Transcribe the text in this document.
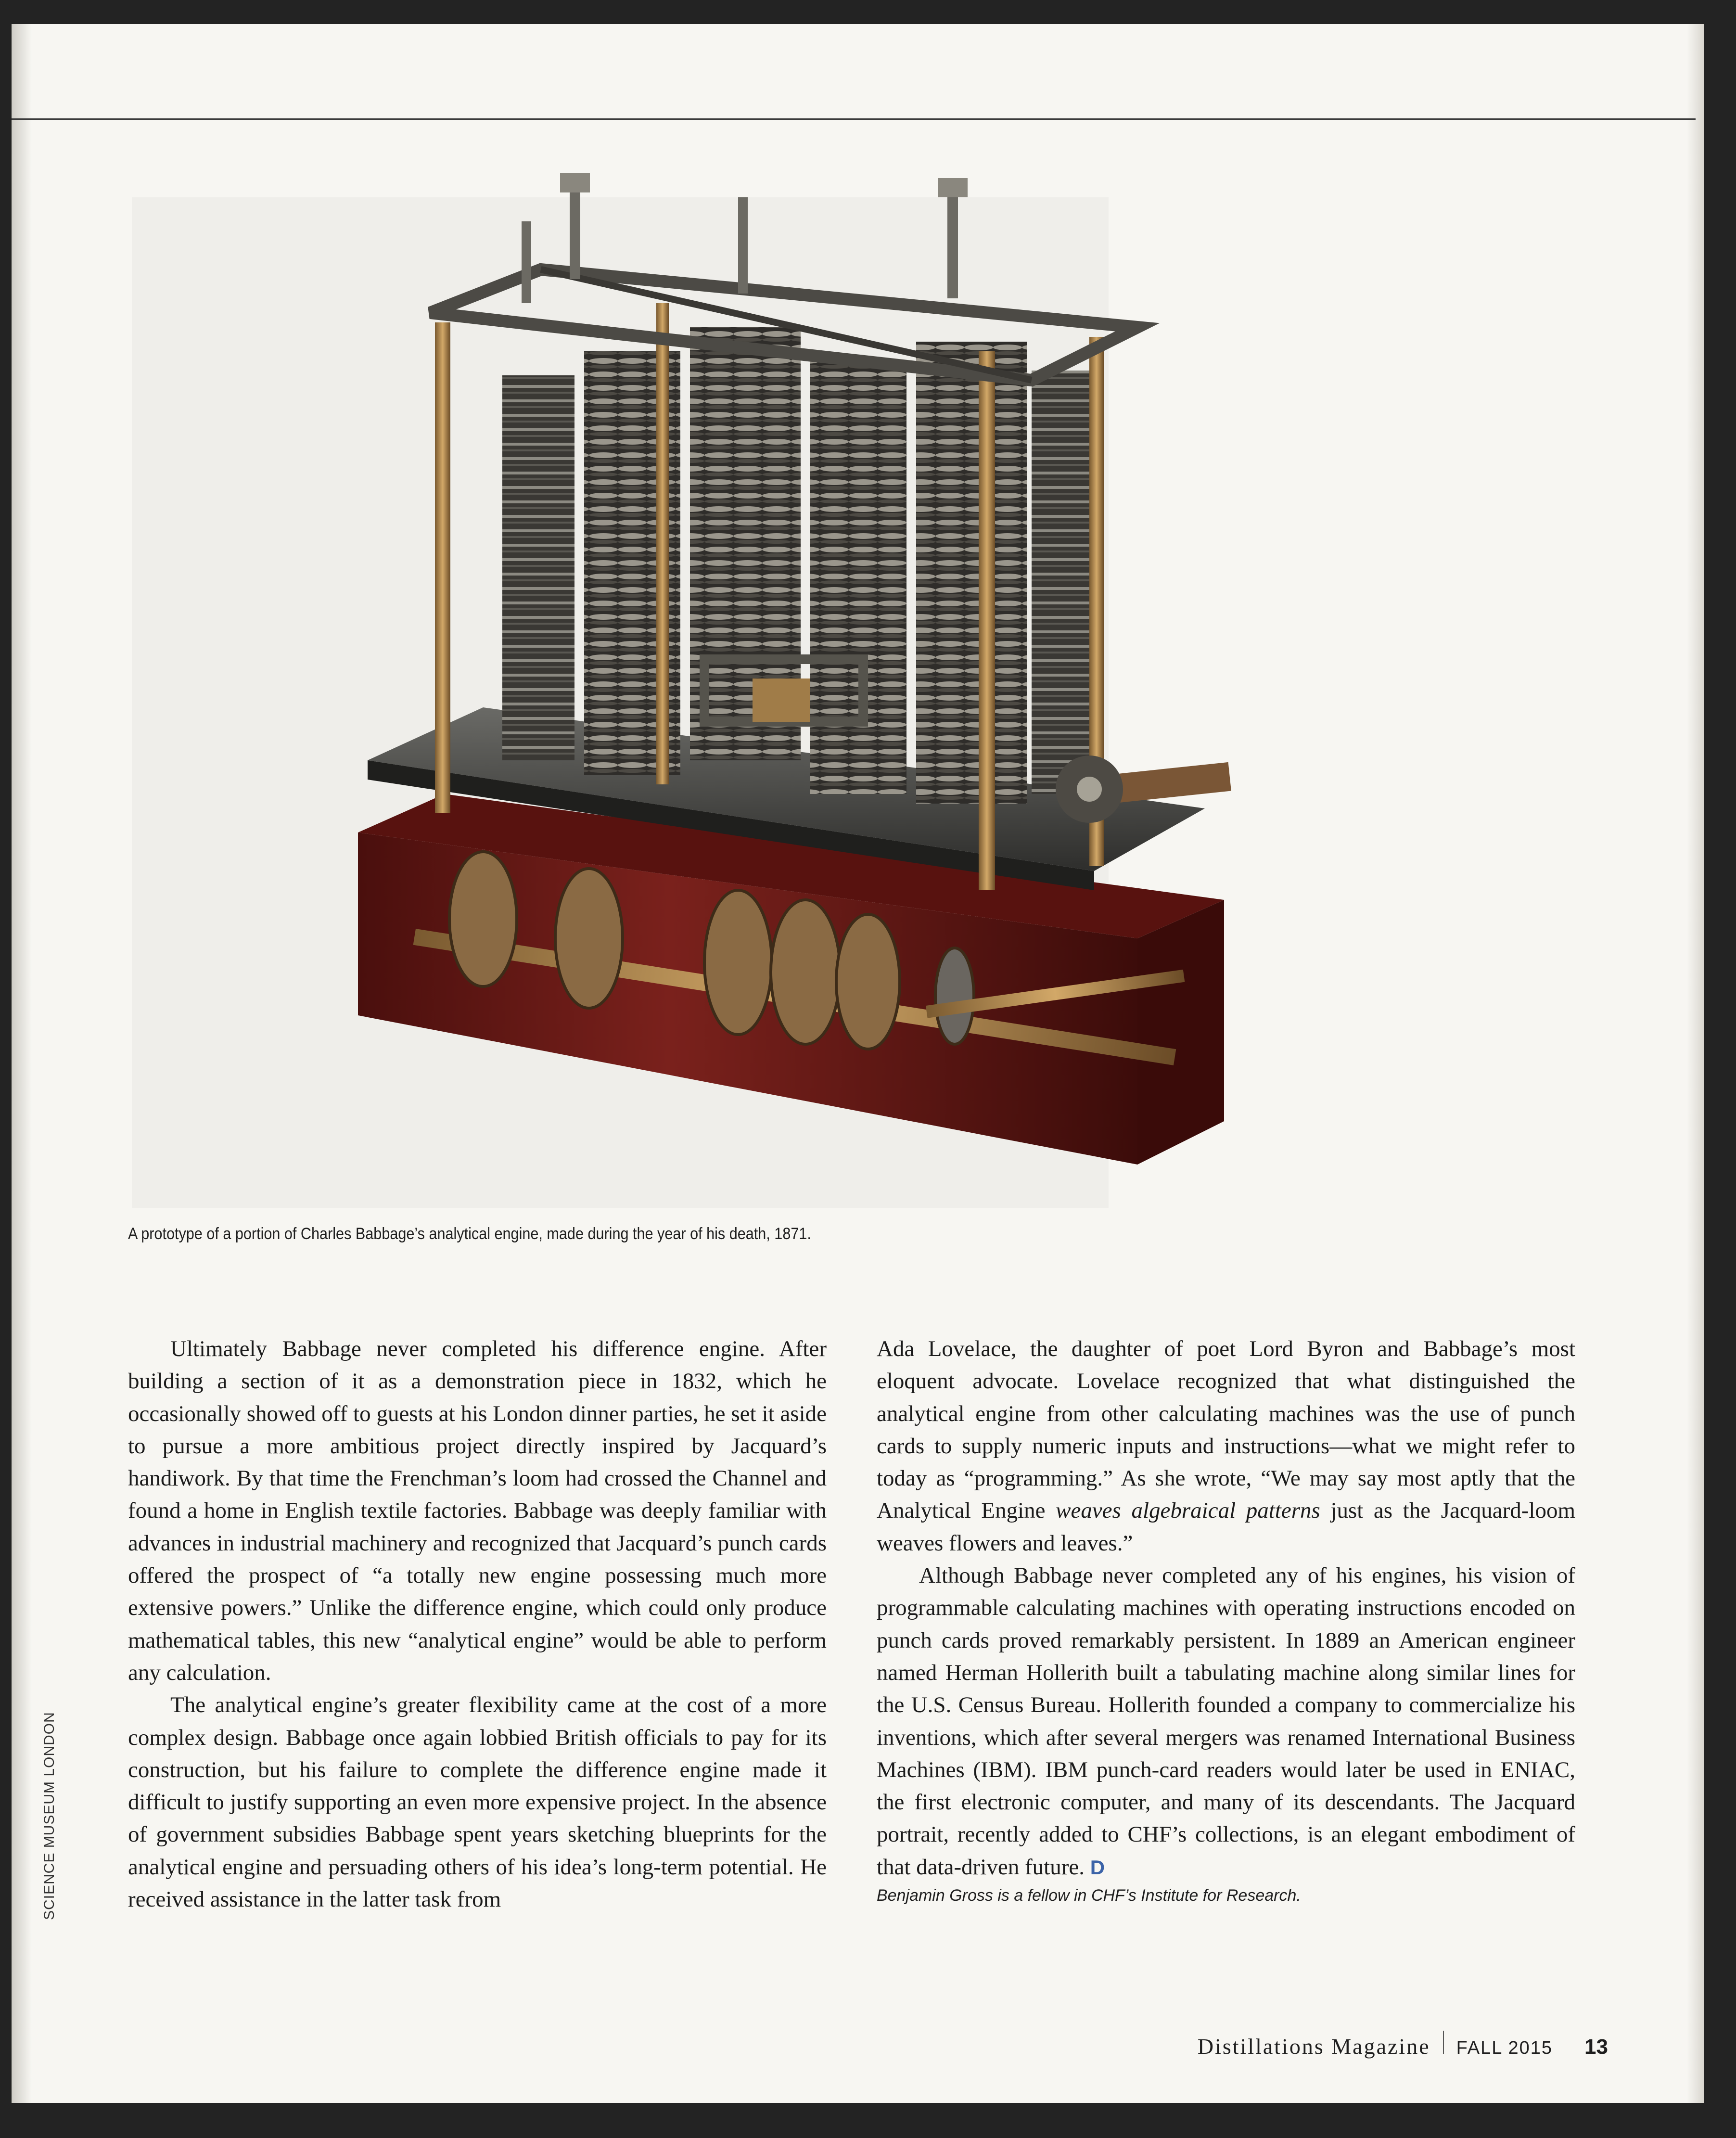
A prototype of a portion of Charles Babbage’s analytical engine, made during the year of his death, 1871.
SCIENCE MUSEUM LONDON

Ultimately Babbage never completed his difference engine. After building a section of it as a demonstration piece in 1832, which he occasionally showed off to guests at his London dinner parties, he set it aside to pursue a more ambitious project directly inspired by Jacquard’s handiwork. By that time the Frenchman’s loom had crossed the Channel and found a home in English textile factories. Babbage was deeply familiar with advances in industrial machinery and recognized that Jacquard’s punch cards offered the prospect of “a totally new engine possessing much more extensive powers.” Unlike the difference engine, which could only produce mathematical tables, this new “analytical engine” would be able to perform any calculation.

The analytical engine’s greater flexibility came at the cost of a more complex design. Babbage once again lobbied British officials to pay for its construction, but his failure to complete the difference engine made it difficult to justify supporting an even more expensive project. In the absence of government subsidies Babbage spent years sketching blueprints for the analytical engine and persuading others of his idea’s long-term potential. He received assistance in the latter task from

Ada Lovelace, the daughter of poet Lord Byron and Babbage’s most eloquent advocate. Lovelace recognized that what distinguished the analytical engine from other calculating machines was the use of punch cards to supply numeric inputs and instructions—what we might refer to today as “programming.” As she wrote, “We may say most aptly that the Analytical Engine weaves algebraical patterns just as the Jacquard-loom weaves flowers and leaves.”

Although Babbage never completed any of his engines, his vision of programmable calculating machines with operating instructions encoded on punch cards proved remarkably persistent. In 1889 an American engineer named Herman Hollerith built a tabulating machine along similar lines for the U.S. Census Bureau. Hollerith founded a company to commercialize his inventions, which after several mergers was renamed International Business Machines (IBM). IBM punch-card readers would later be used in ENIAC, the first electronic computer, and many of its descendants. The Jacquard portrait, recently added to CHF’s collections, is an elegant embodiment of that data-driven future. D

Benjamin Gross is a fellow in CHF’s Institute for Research.

Distillations Magazine FALL 2015 13
